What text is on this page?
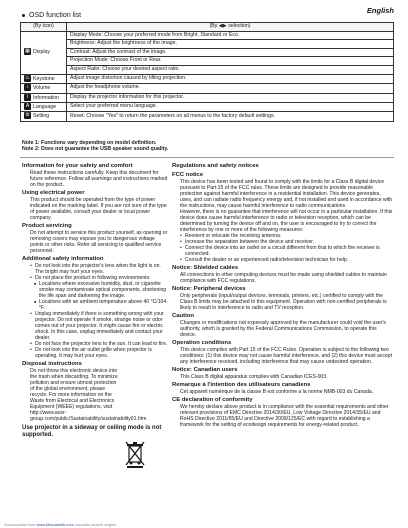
English
OSD function list
(By icon)	(By ◀▶ selection)
▦ Display	Display Mode: Choose your preferred mode from Bright, Standard or Eco.
	Brightness: Adjust the brightness of the image.
	Contrast: Adjust the contrast of the image.
	Projection Mode: Choose Front or Rear.
	Aspect Ratio: Choose your desired aspect ratio.
⏢ Keystone	Adjust image distortion caused by tilting projection.
♪ Volume	Adjust the headphone volume.
i Information	Display the projector information for this projector.
A Language	Select your preferred menu language.
⚙ Setting	Reset: Choose "Yes" to return the parameters on all menus to the factory default settings.
Note 1: Functions vary depending on model definition.
Note 2: Does not guarantee the USB speaker sound quality.
Information for your safety and comfort
Read these instructions carefully. Keep this document for future reference. Follow all warnings and instructions marked on the product.
Using electrical power
This product should be operated from the type of power indicated on the marking label. If you are not sure of the type of power available, consult your dealer or local power company.
Product servicing
Do not attempt to service this product yourself, as opening or removing covers may expose you to dangerous voltage points or other risks. Refer all servicing to qualified service personnel.
Additional safety information
• Do not look into the projector's lens when the light is on. The bright may hurt your eyes.
• Do not place the product in following environments:
■ Locations where excessive humidity, dust, or cigarette smoke may contaminate optical components, shortening the life span and darkening the image.
■ Locations with an ambient temperature above 40 °C/104 °F.
• Unplug immediately if there is something wrong with your projector. Do not operate if smoke, strange noise or odor comes out of your projector. It might cause fire or electric shock. In this case, unplug immediately and contact your dealer.
• Do not face the projector lens to the sun. It can lead to fire.
• Do not look into the air outlet grille when projector is operating. It may hurt your eyes.
Disposal instructions
Do not throw this electronic device into the trash when discarding. To minimize pollution and ensure utmost protection of the global environment, please recycle. For more information on the Waste from Electrical and Electronics Equipment (WEEE) regulations, visit http://www.acer-group.com/public/Sustainability/sustainability01.htm
Use projector in a sideway or ceiling mode is not supported.
Regulations and safety notices
FCC notice
This device has been tested and found to comply with the limits for a Class B digital device pursuant to Part 15 of the FCC rules. These limits are designed to provide reasonable protection against harmful interference in a residential installation. This device generates, uses, and can radiate radio frequency energy and, if not installed and used in accordance with the instructions, may cause harmful interference to radio communications.
However, there is no guarantee that interference will not occur in a particular installation. If this device does cause harmful interference to radio or television reception, which can be determined by turning the device off and on, the user is encouraged to try to correct the interference by one or more of the following measures:
• Reorient or relocate the receiving antenna.
• Increase the separation between the device and receiver.
• Connect the device into an outlet on a circuit different from that to which the receiver is connected.
• Consult the dealer or an experienced radio/television technician for help.
Notice: Shielded cables
All connections to other computing devices must be made using shielded cables to maintain compliance with FCC regulations.
Notice: Peripheral devices
Only peripherals (input/output devices, terminals, printers, etc.) certified to comply with the Class B limits may be attached to this equipment. Operation with non-certified peripherals is likely to result in interference to radio and TV reception.
Caution
Changes or modifications not expressly approved by the manufacturer could void the user's authority, which is granted by the Federal Communications Commission, to operate this device.
Operation conditions
This device complies with Part 15 of the FCC Rules. Operation is subject to the following two conditions: (1) this device may not cause harmful interference, and (2) this device must accept any interference received, including interference that may cause undesired operation.
Notice: Canadian users
This Class B digital apparatus complies with Canadian ICES-003.
Remarque à l'intention des utilisateurs canadiens
Cet appareil numérique de la classe B est conforme a la norme NMB-003 du Canada.
CE declaration of conformity
We hereby declare above product is in compliance with the essential requirements and other relevant provisions of EMC Directive 2014/30/EU, Low Voltage Directive 2014/35/EU and RoHS Directive 2011/65/EU and Directive 2009/125/EC with regard to establishing a framework for the setting of ecodesign requirements for energy-related product.
Downloaded from www.Manualslib.com manuals search engine
